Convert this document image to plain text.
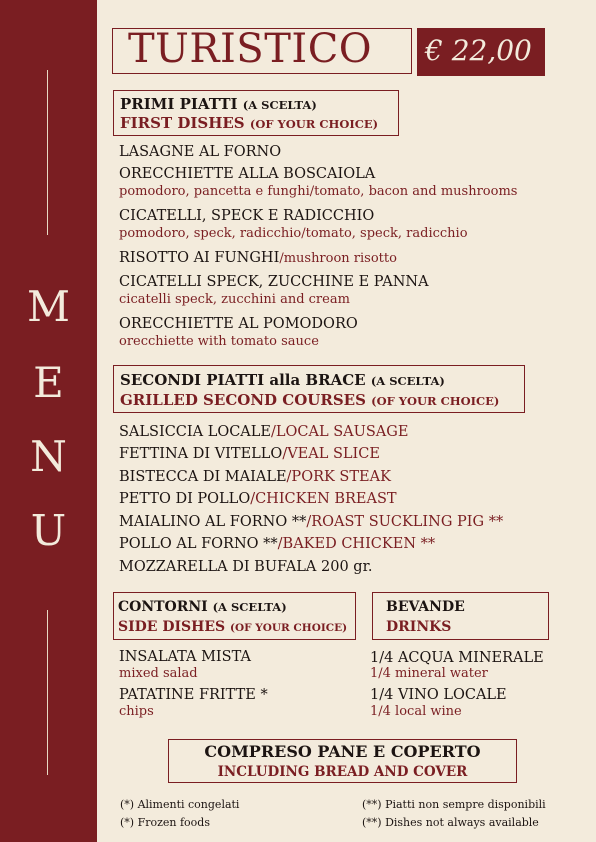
M
E
N
U
TURISTICO € 22,00
PRIMI PIATTI (A SCELTA)
FIRST DISHES (OF YOUR CHOICE)
LASAGNE AL FORNO
ORECCHIETTE ALLA BOSCAIOLA
pomodoro, pancetta e funghi/tomato, bacon and mushrooms
CICATELLI, SPECK E RADICCHIO
pomodoro, speck, radicchio/tomato, speck, radicchio
RISOTTO AI FUNGHI/mushroon risotto
CICATELLI SPECK, ZUCCHINE E PANNA
cicatelli speck, zucchini and cream
ORECCHIETTE AL POMODORO
orecchiette with tomato sauce
SECONDI PIATTI alla BRACE (A SCELTA)
GRILLED SECOND COURSES (OF YOUR CHOICE)
SALSICCIA LOCALE/LOCAL SAUSAGE
FETTINA DI VITELLO/VEAL SLICE
BISTECCA DI MAIALE/PORK STEAK
PETTO DI POLLO/CHICKEN BREAST
MAIALINO AL FORNO **/ROAST SUCKLING PIG **
POLLO AL FORNO **/BAKED CHICKEN **
MOZZARELLA DI BUFALA 200 gr.
CONTORNI (A SCELTA)
SIDE DISHES (OF YOUR CHOICE)
BEVANDE
DRINKS
INSALATA MISTA
mixed salad
PATATINE FRITTE *
chips
1/4 ACQUA MINERALE
1/4 mineral water
1/4 VINO LOCALE
1/4 local wine
COMPRESO PANE E COPERTO
INCLUDING BREAD AND COVER
(*) Alimenti congelati
(*) Frozen foods
(**) Piatti non sempre disponibili
(**) Dishes not always available
